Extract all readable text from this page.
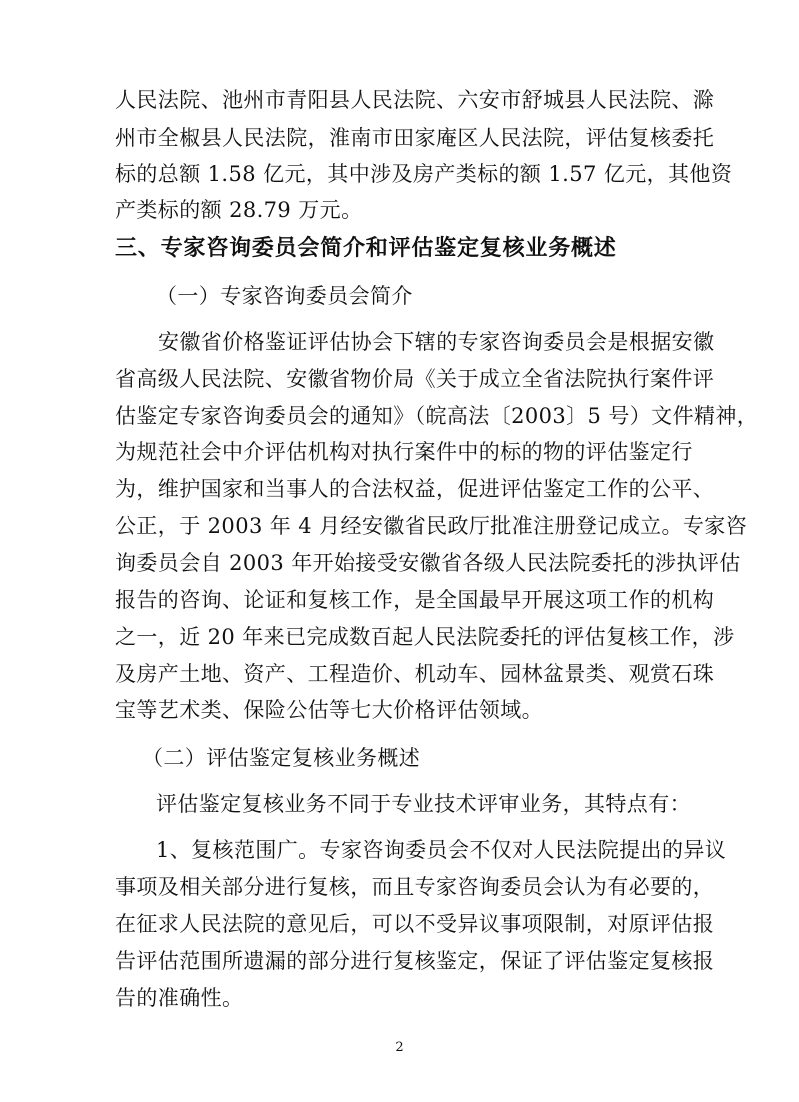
人民法院、池州市青阳县人民法院、六安市舒城县人民法院、滁
州市全椒县人民法院，淮南市田家庵区人民法院，评估复核委托
标的总额 1.58 亿元，其中涉及房产类标的额 1.57 亿元，其他资
产类标的额 28.79 万元。
三、专家咨询委员会简介和评估鉴定复核业务概述
（一）专家咨询委员会简介
安徽省价格鉴证评估协会下辖的专家咨询委员会是根据安徽
省高级人民法院、安徽省物价局《关于成立全省法院执行案件评
估鉴定专家咨询委员会的通知》（皖高法〔2003〕5 号）文件精神，
为规范社会中介评估机构对执行案件中的标的物的评估鉴定行
为，维护国家和当事人的合法权益，促进评估鉴定工作的公平、
公正，于 2003 年 4 月经安徽省民政厅批准注册登记成立。专家咨
询委员会自 2003 年开始接受安徽省各级人民法院委托的涉执评估
报告的咨询、论证和复核工作，是全国最早开展这项工作的机构
之一，近 20 年来已完成数百起人民法院委托的评估复核工作，涉
及房产土地、资产、工程造价、机动车、园林盆景类、观赏石珠
宝等艺术类、保险公估等七大价格评估领域。
（二）评估鉴定复核业务概述
评估鉴定复核业务不同于专业技术评审业务，其特点有：
1、复核范围广。专家咨询委员会不仅对人民法院提出的异议
事项及相关部分进行复核，而且专家咨询委员会认为有必要的，
在征求人民法院的意见后，可以不受异议事项限制，对原评估报
告评估范围所遗漏的部分进行复核鉴定，保证了评估鉴定复核报
告的准确性。
2
